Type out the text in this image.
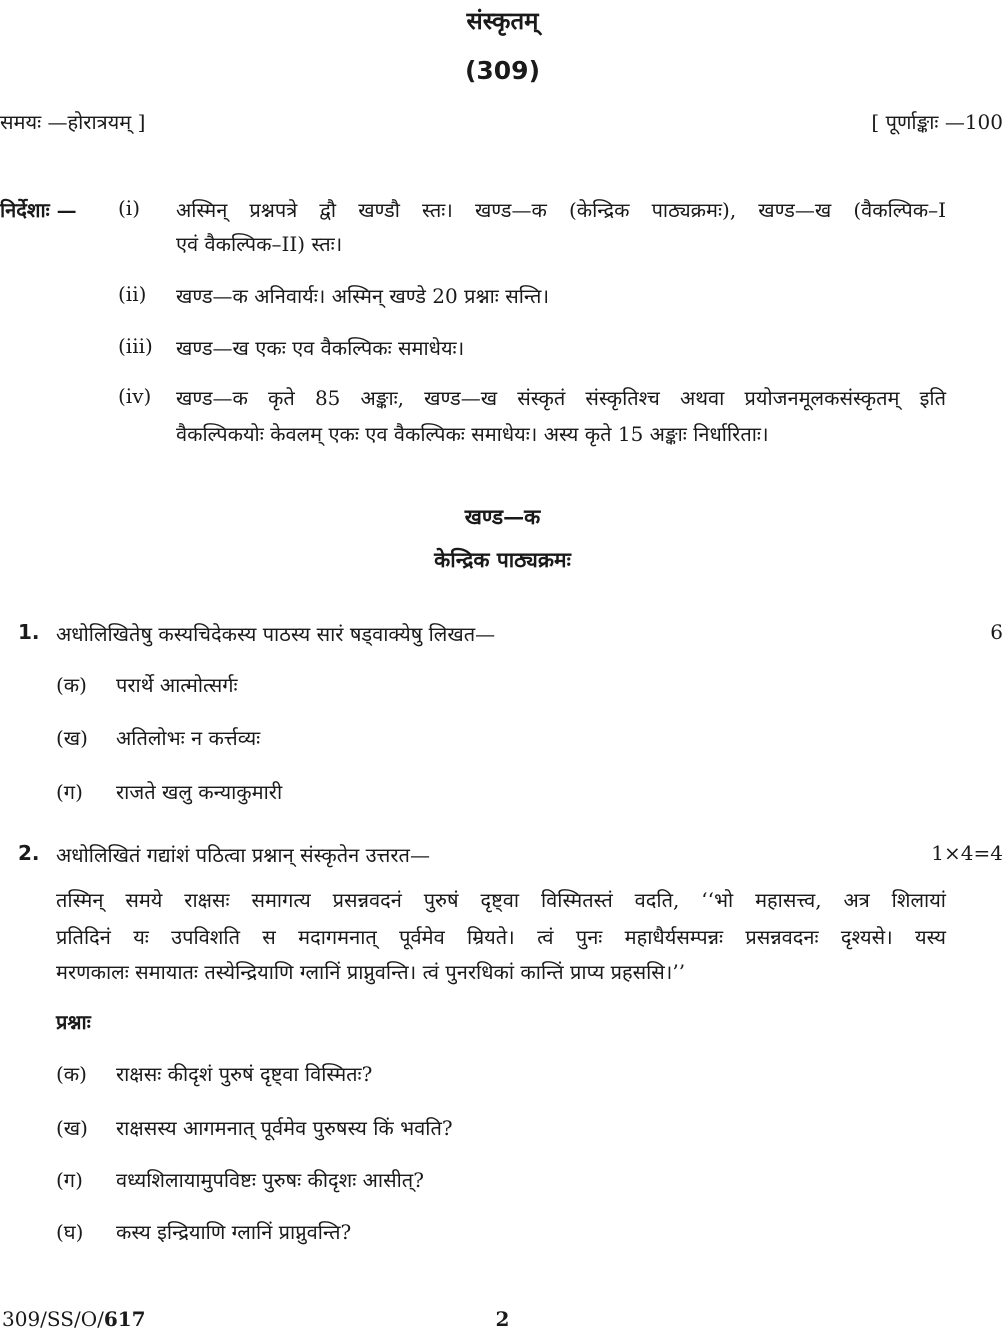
संस्कृतम्
(309)
समयः —होरात्रयम् ]	[ पूर्णाङ्काः —100
निर्देशाः — (i) अस्मिन् प्रश्नपत्रे द्वौ खण्डौ स्तः। खण्ड—क (केन्द्रिक पाठ्यक्रमः), खण्ड—ख (वैकल्पिक–I
एवं वैकल्पिक–II) स्तः।
(ii) खण्ड—क अनिवार्यः। अस्मिन् खण्डे 20 प्रश्नाः सन्ति।
(iii) खण्ड—ख एकः एव वैकल्पिकः समाधेयः।
(iv) खण्ड—क कृते 85 अङ्काः, खण्ड—ख संस्कृतं संस्कृतिश्च अथवा प्रयोजनमूलकसंस्कृतम् इति
वैकल्पिकयोः केवलम् एकः एव वैकल्पिकः समाधेयः। अस्य कृते 15 अङ्काः निर्धारिताः।
खण्ड—क
केन्द्रिक पाठ्यक्रमः
1. अधोलिखितेषु कस्यचिदेकस्य पाठस्य सारं षड्वाक्येषु लिखत—	6
(क) परार्थे आत्मोत्सर्गः
(ख) अतिलोभः न कर्त्तव्यः
(ग) राजते खलु कन्याकुमारी
2. अधोलिखितं गद्यांशं पठित्वा प्रश्नान् संस्कृतेन उत्तरत—	1×4=4
तस्मिन् समये राक्षसः समागत्य प्रसन्नवदनं पुरुषं दृष्ट्वा विस्मितस्तं वदति, ‘‘भो महासत्त्व, अत्र शिलायां
प्रतिदिनं यः उपविशति स मदागमनात् पूर्वमेव म्रियते। त्वं पुनः महाधैर्यसम्पन्नः प्रसन्नवदनः दृश्यसे। यस्य
मरणकालः समायातः तस्येन्द्रियाणि ग्लानिं प्राप्नुवन्ति। त्वं पुनरधिकां कान्तिं प्राप्य प्रहससि।’’
प्रश्नाः
(क) राक्षसः कीदृशं पुरुषं दृष्ट्वा विस्मितः?
(ख) राक्षसस्य आगमनात् पूर्वमेव पुरुषस्य किं भवति?
(ग) वध्यशिलायामुपविष्टः पुरुषः कीदृशः आसीत्?
(घ) कस्य इन्द्रियाणि ग्लानिं प्राप्नुवन्ति?
309/SS/O/617	2
